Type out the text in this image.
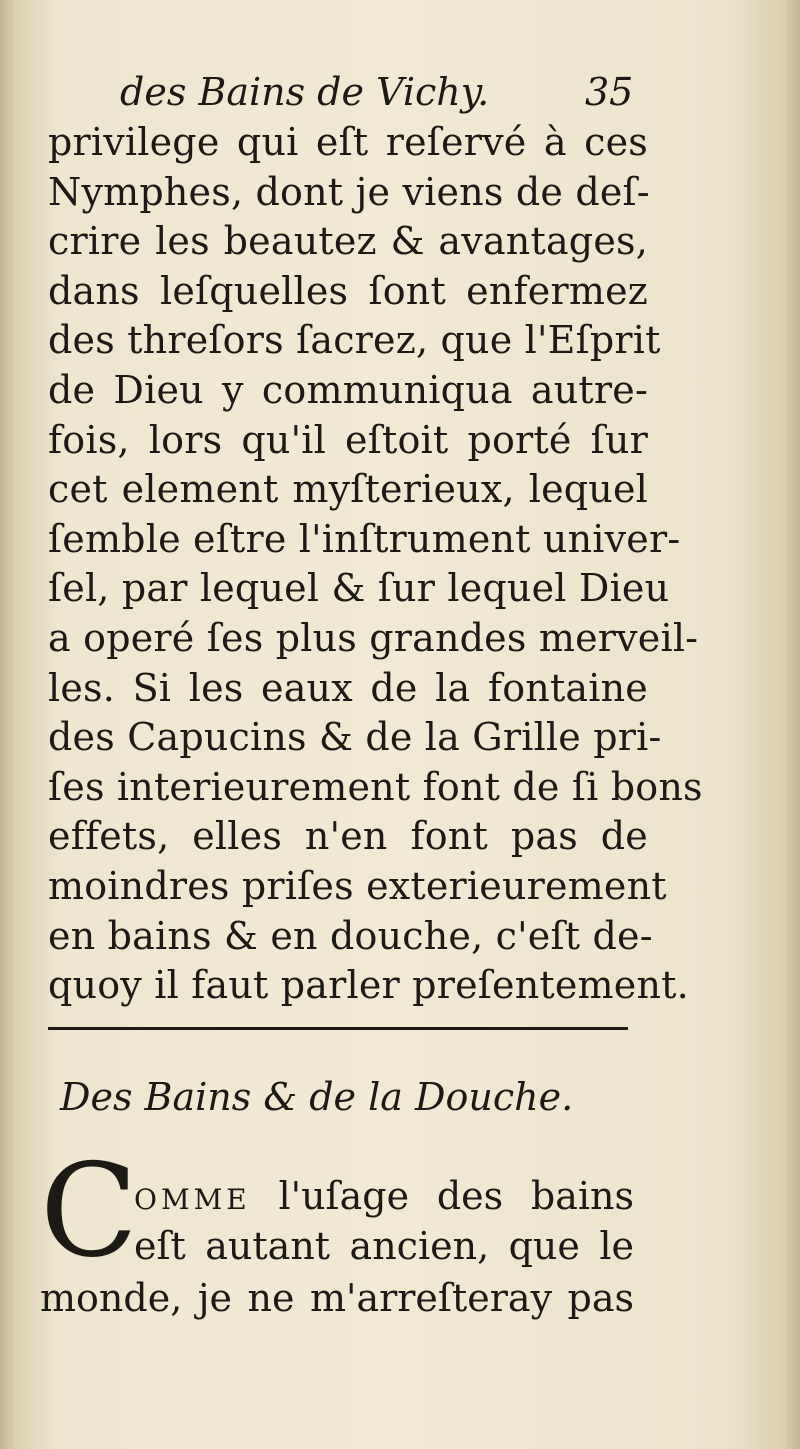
des Bains de Vichy.	35
privilege qui eſt reſervé à ces
Nymphes, dont je viens de deſ-
crire les beautez & avantages,
dans leſquelles ſont enfermez
des threſors ſacrez, que l'Eſprit
de Dieu y communiqua autre-
fois, lors qu'il eſtoit porté ſur
cet element myſterieux, lequel
ſemble eſtre l'inſtrument univer-
ſel, par lequel & ſur lequel Dieu
a operé ſes plus grandes merveil-
les. Si les eaux de la fontaine
des Capucins & de la Grille pri-
ſes interieurement font de ſi bons
effets, elles n'en font pas de
moindres priſes exterieurement
en bains & en douche, c'eſt de-
quoy il faut parler preſentement.
Des Bains & de la Douche.
C
OMME l'uſage des bains
eſt autant ancien, que le
monde, je ne m'arreſteray pas
